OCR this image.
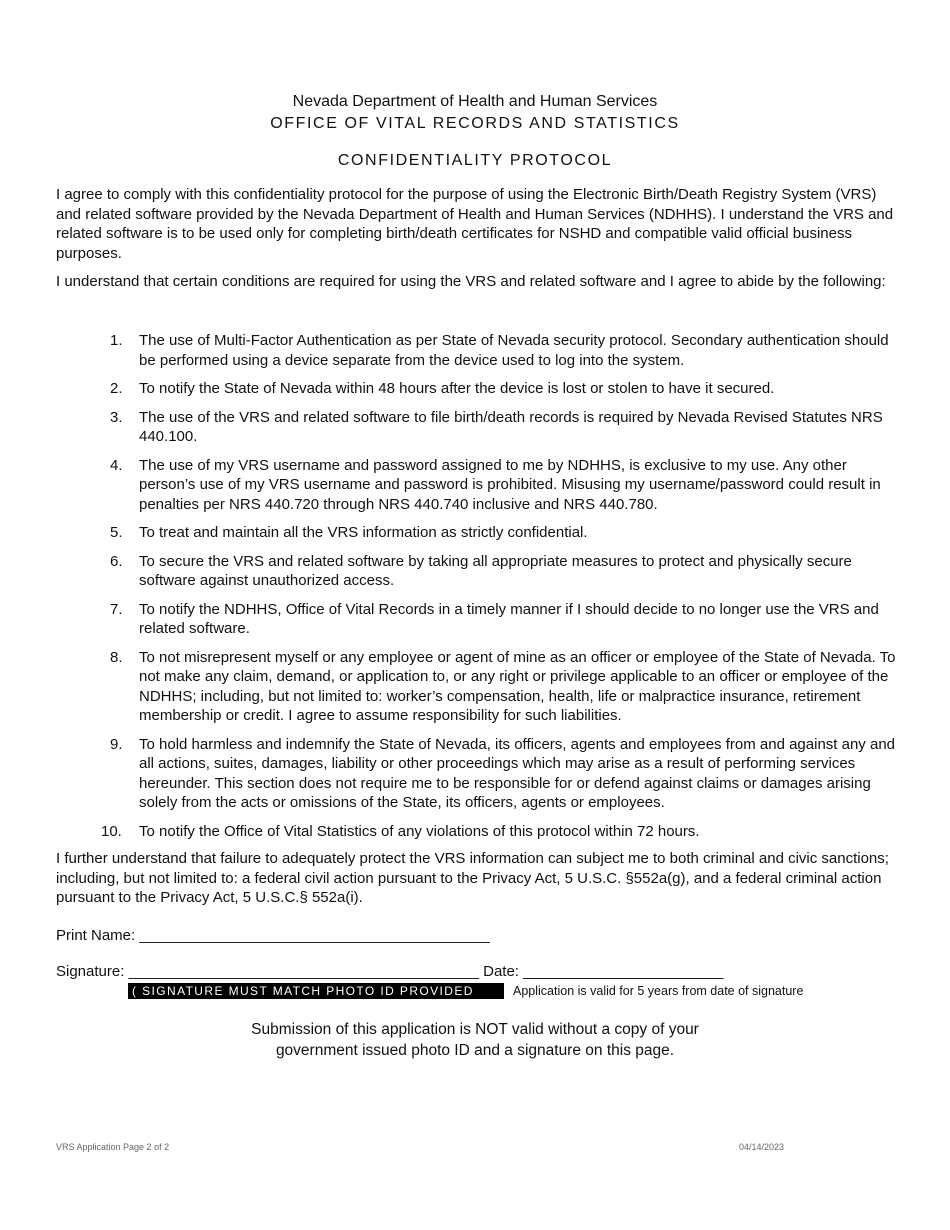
Nevada Department of Health and Human Services
OFFICE OF VITAL RECORDS AND STATISTICS
CONFIDENTIALITY PROTOCOL
I agree to comply with this confidentiality protocol for the purpose of using the Electronic Birth/Death Registry System (VRS) and related software provided by the Nevada Department of Health and Human Services (NDHHS). I understand the VRS and related software is to be used only for completing birth/death certificates for NSHD and compatible valid official business purposes.
I understand that certain conditions are required for using the VRS and related software and I agree to abide by the following:
1. The use of Multi-Factor Authentication as per State of Nevada security protocol. Secondary authentication should be performed using a device separate from the device used to log into the system.
2. To notify the State of Nevada within 48 hours after the device is lost or stolen to have it secured.
3. The use of the VRS and related software to file birth/death records is required by Nevada Revised Statutes NRS 440.100.
4. The use of my VRS username and password assigned to me by NDHHS, is exclusive to my use. Any other person’s use of my VRS username and password is prohibited. Misusing my username/password could result in penalties per NRS 440.720 through NRS 440.740 inclusive and NRS 440.780.
5. To treat and maintain all the VRS information as strictly confidential.
6. To secure the VRS and related software by taking all appropriate measures to protect and physically secure software against unauthorized access.
7. To notify the NDHHS, Office of Vital Records in a timely manner if I should decide to no longer use the VRS and related software.
8. To not misrepresent myself or any employee or agent of mine as an officer or employee of the State of Nevada. To not make any claim, demand, or application to, or any right or privilege applicable to an officer or employee of the NDHHS; including, but not limited to: worker’s compensation, health, life or malpractice insurance, retirement membership or credit. I agree to assume responsibility for such liabilities.
9. To hold harmless and indemnify the State of Nevada, its officers, agents and employees from and against any and all actions, suites, damages, liability or other proceedings which may arise as a result of performing services hereunder. This section does not require me to be responsible for or defend against claims or damages arising solely from the acts or omissions of the State, its officers, agents or employees.
10. To notify the Office of Vital Statistics of any violations of this protocol within 72 hours.
I further understand that failure to adequately protect the VRS information can subject me to both criminal and civic sanctions; including, but not limited to: a federal civil action pursuant to the Privacy Act, 5 U.S.C. §552a(g), and a federal criminal action pursuant to the Privacy Act, 5 U.S.C.§ 552a(i).
Print Name: __________________________________________
Signature: __________________________________________ Date: ________________________
( SIGNATURE MUST MATCH PHOTO ID PROVIDED	Application is valid for 5 years from date of signature
Submission of this application is NOT valid without a copy of your
government issued photo ID and a signature on this page.
VRS Application Page 2 of 2	04/14/2023
